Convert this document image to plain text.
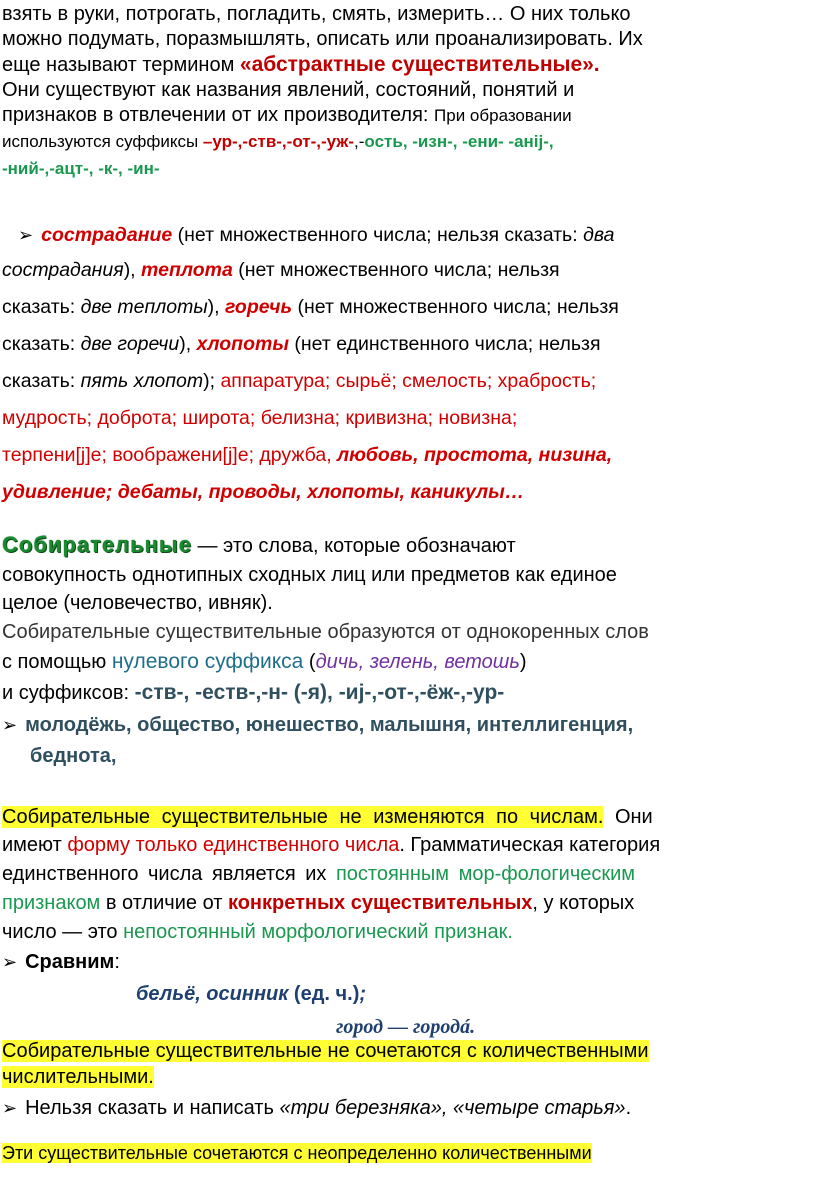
взять в руки, потрогать, погладить, смять, измерить… О них только

можно подумать, поразмышлять, описать или проанализировать. Их

еще называют термином «абстрактные существительные».

Они существуют как названия явлений, состояний, понятий и

признаков в отвлечении от их производителя: При образовании

используются суффиксы –ур-,-ств-,-от-,-уж-,-ость, -изн-, -ени- -анij-,

-ний-,-ацт-, -к-, -ин-

➢ сострадание (нет множественного числа; нельзя сказать: два

сострадания), теплота (нет множественного числа; нельзя

сказать: две теплоты), горечь (нет множественного числа; нельзя

сказать: две горечи), хлопоты (нет единственного числа; нельзя

сказать: пять хлопот); аппаратура; сырьё; смелость; храбрость;

мудрость; доброта; широта; белизна; кривизна; новизна;

терпени[j]е; воображени[j]е; дружба, любовь, простота, низина,

удивление; дебаты, проводы, хлопоты, каникулы…

Собирательные — это слова, которые обозначают

совокупность однотипных сходных лиц или предметов как единое

целое (человечество, ивняк).

Собирательные существительные образуются от однокоренных слов

с помощью нулевого суффикса (дичь, зелень, ветошь)

и суффиксов: -ств-, -еств-,-н- (-я), -иj-,-от-,-ёж-,-ур-

➢ молодёжь, общество, юнешество, малышня, интеллигенция,

беднота,

Собирательные существительные не изменяются по числам. Они

имеют форму только единственного числа. Грамматическая категория

единственного числа является их постоянным мор-фологическим

признаком в отличие от конкретных существительных, у которых

число — это непостоянный морфологический признак.

➢ Сравним:

бельё, осинник (ед. ч.);

город — городá.

Собирательные существительные не сочетаются с количественными

числительными.

➢ Нельзя сказать и написать «три березняка», «четыре старья».

Эти существительные сочетаются с неопределенно количественными
